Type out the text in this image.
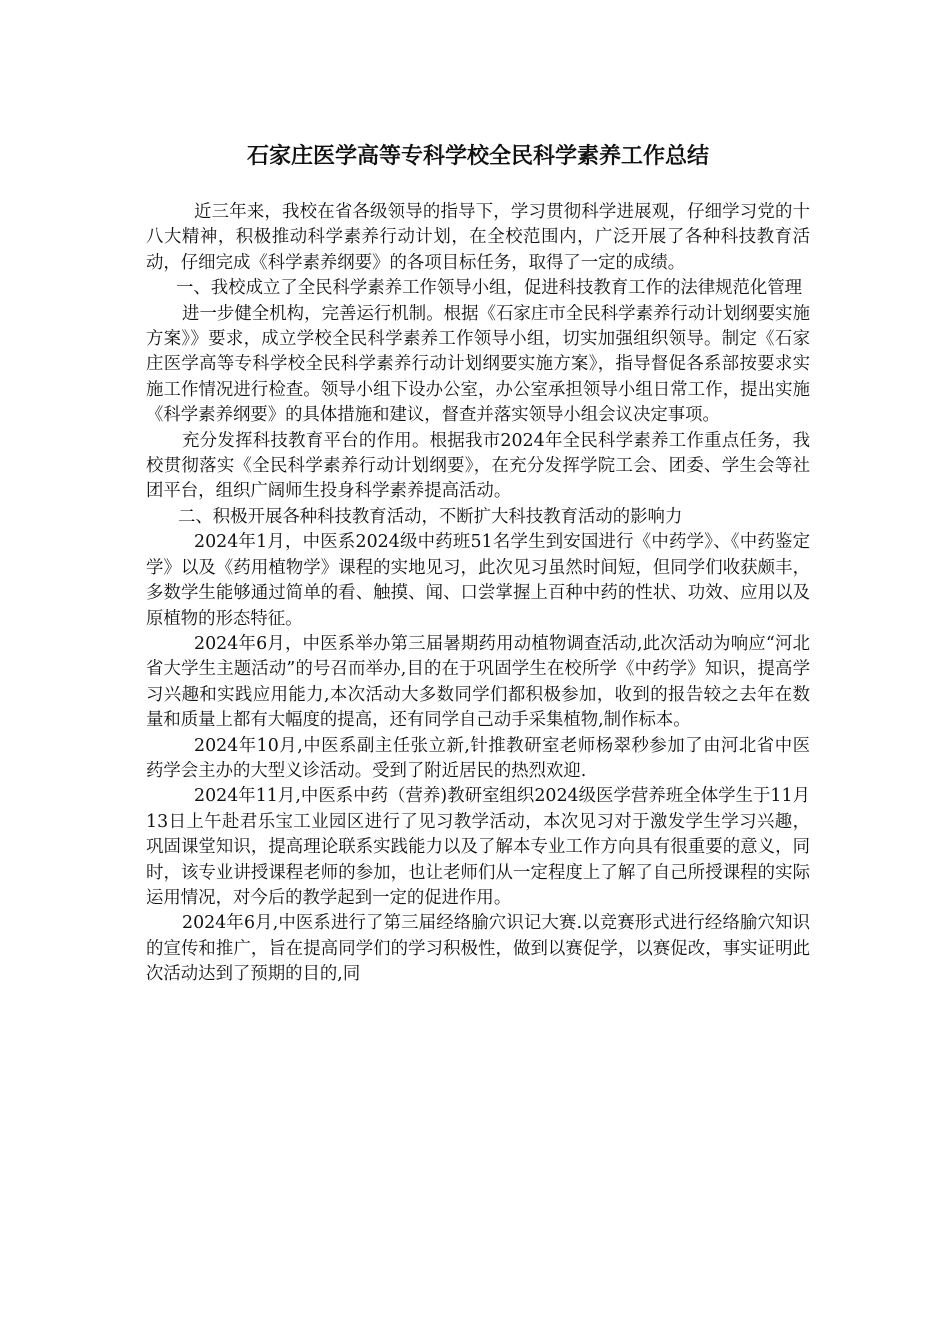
石家庄医学高等专科学校全民科学素养工作总结

近三年来，我校在省各级领导的指导下，学习贯彻科学进展观，仔细学习党的十八大精神，积极推动科学素养行动计划，在全校范围内，广泛开展了各种科技教育活动，仔细完成《科学素养纲要》的各项目标任务，取得了一定的成绩。

一、我校成立了全民科学素养工作领导小组，促进科技教育工作的法律规范化管理

进一步健全机构，完善运行机制。根据《石家庄市全民科学素养行动计划纲要实施方案》》要求，成立学校全民科学素养工作领导小组，切实加强组织领导。制定《石家庄医学高等专科学校全民科学素养行动计划纲要实施方案》，指导督促各系部按要求实施工作情况进行检查。领导小组下设办公室，办公室承担领导小组日常工作，提出实施《科学素养纲要》的具体措施和建议，督查并落实领导小组会议决定事项。

充分发挥科技教育平台的作用。根据我市2024年全民科学素养工作重点任务，我校贯彻落实《全民科学素养行动计划纲要》，在充分发挥学院工会、团委、学生会等社团平台，组织广阔师生投身科学素养提高活动。

二、积极开展各种科技教育活动，不断扩大科技教育活动的影响力

2024年1月，中医系2024级中药班51名学生到安国进行《中药学》、《中药鉴定学》以及《药用植物学》课程的实地见习，此次见习虽然时间短，但同学们收获颇丰，多数学生能够通过简单的看、触摸、闻、口尝掌握上百种中药的性状、功效、应用以及原植物的形态特征。

2024年6月，中医系举办第三届暑期药用动植物调查活动,此次活动为响应“河北省大学生主题活动”的号召而举办,目的在于巩固学生在校所学《中药学》知识，提高学习兴趣和实践应用能力,本次活动大多数同学们都积极参加，收到的报告较之去年在数量和质量上都有大幅度的提高，还有同学自己动手采集植物,制作标本。

2024年10月,中医系副主任张立新,针推教研室老师杨翠秒参加了由河北省中医药学会主办的大型义诊活动。受到了附近居民的热烈欢迎.

2024年11月,中医系中药（营养)教研室组织2024级医学营养班全体学生于11月13日上午赴君乐宝工业园区进行了见习教学活动，本次见习对于激发学生学习兴趣，巩固课堂知识，提高理论联系实践能力以及了解本专业工作方向具有很重要的意义，同时，该专业讲授课程老师的参加，也让老师们从一定程度上了解了自己所授课程的实际运用情况，对今后的教学起到一定的促进作用。

2024年6月,中医系进行了第三届经络腧穴识记大赛.以竞赛形式进行经络腧穴知识的宣传和推广，旨在提高同学们的学习积极性，做到以赛促学，以赛促改，事实证明此次活动达到了预期的目的,同
